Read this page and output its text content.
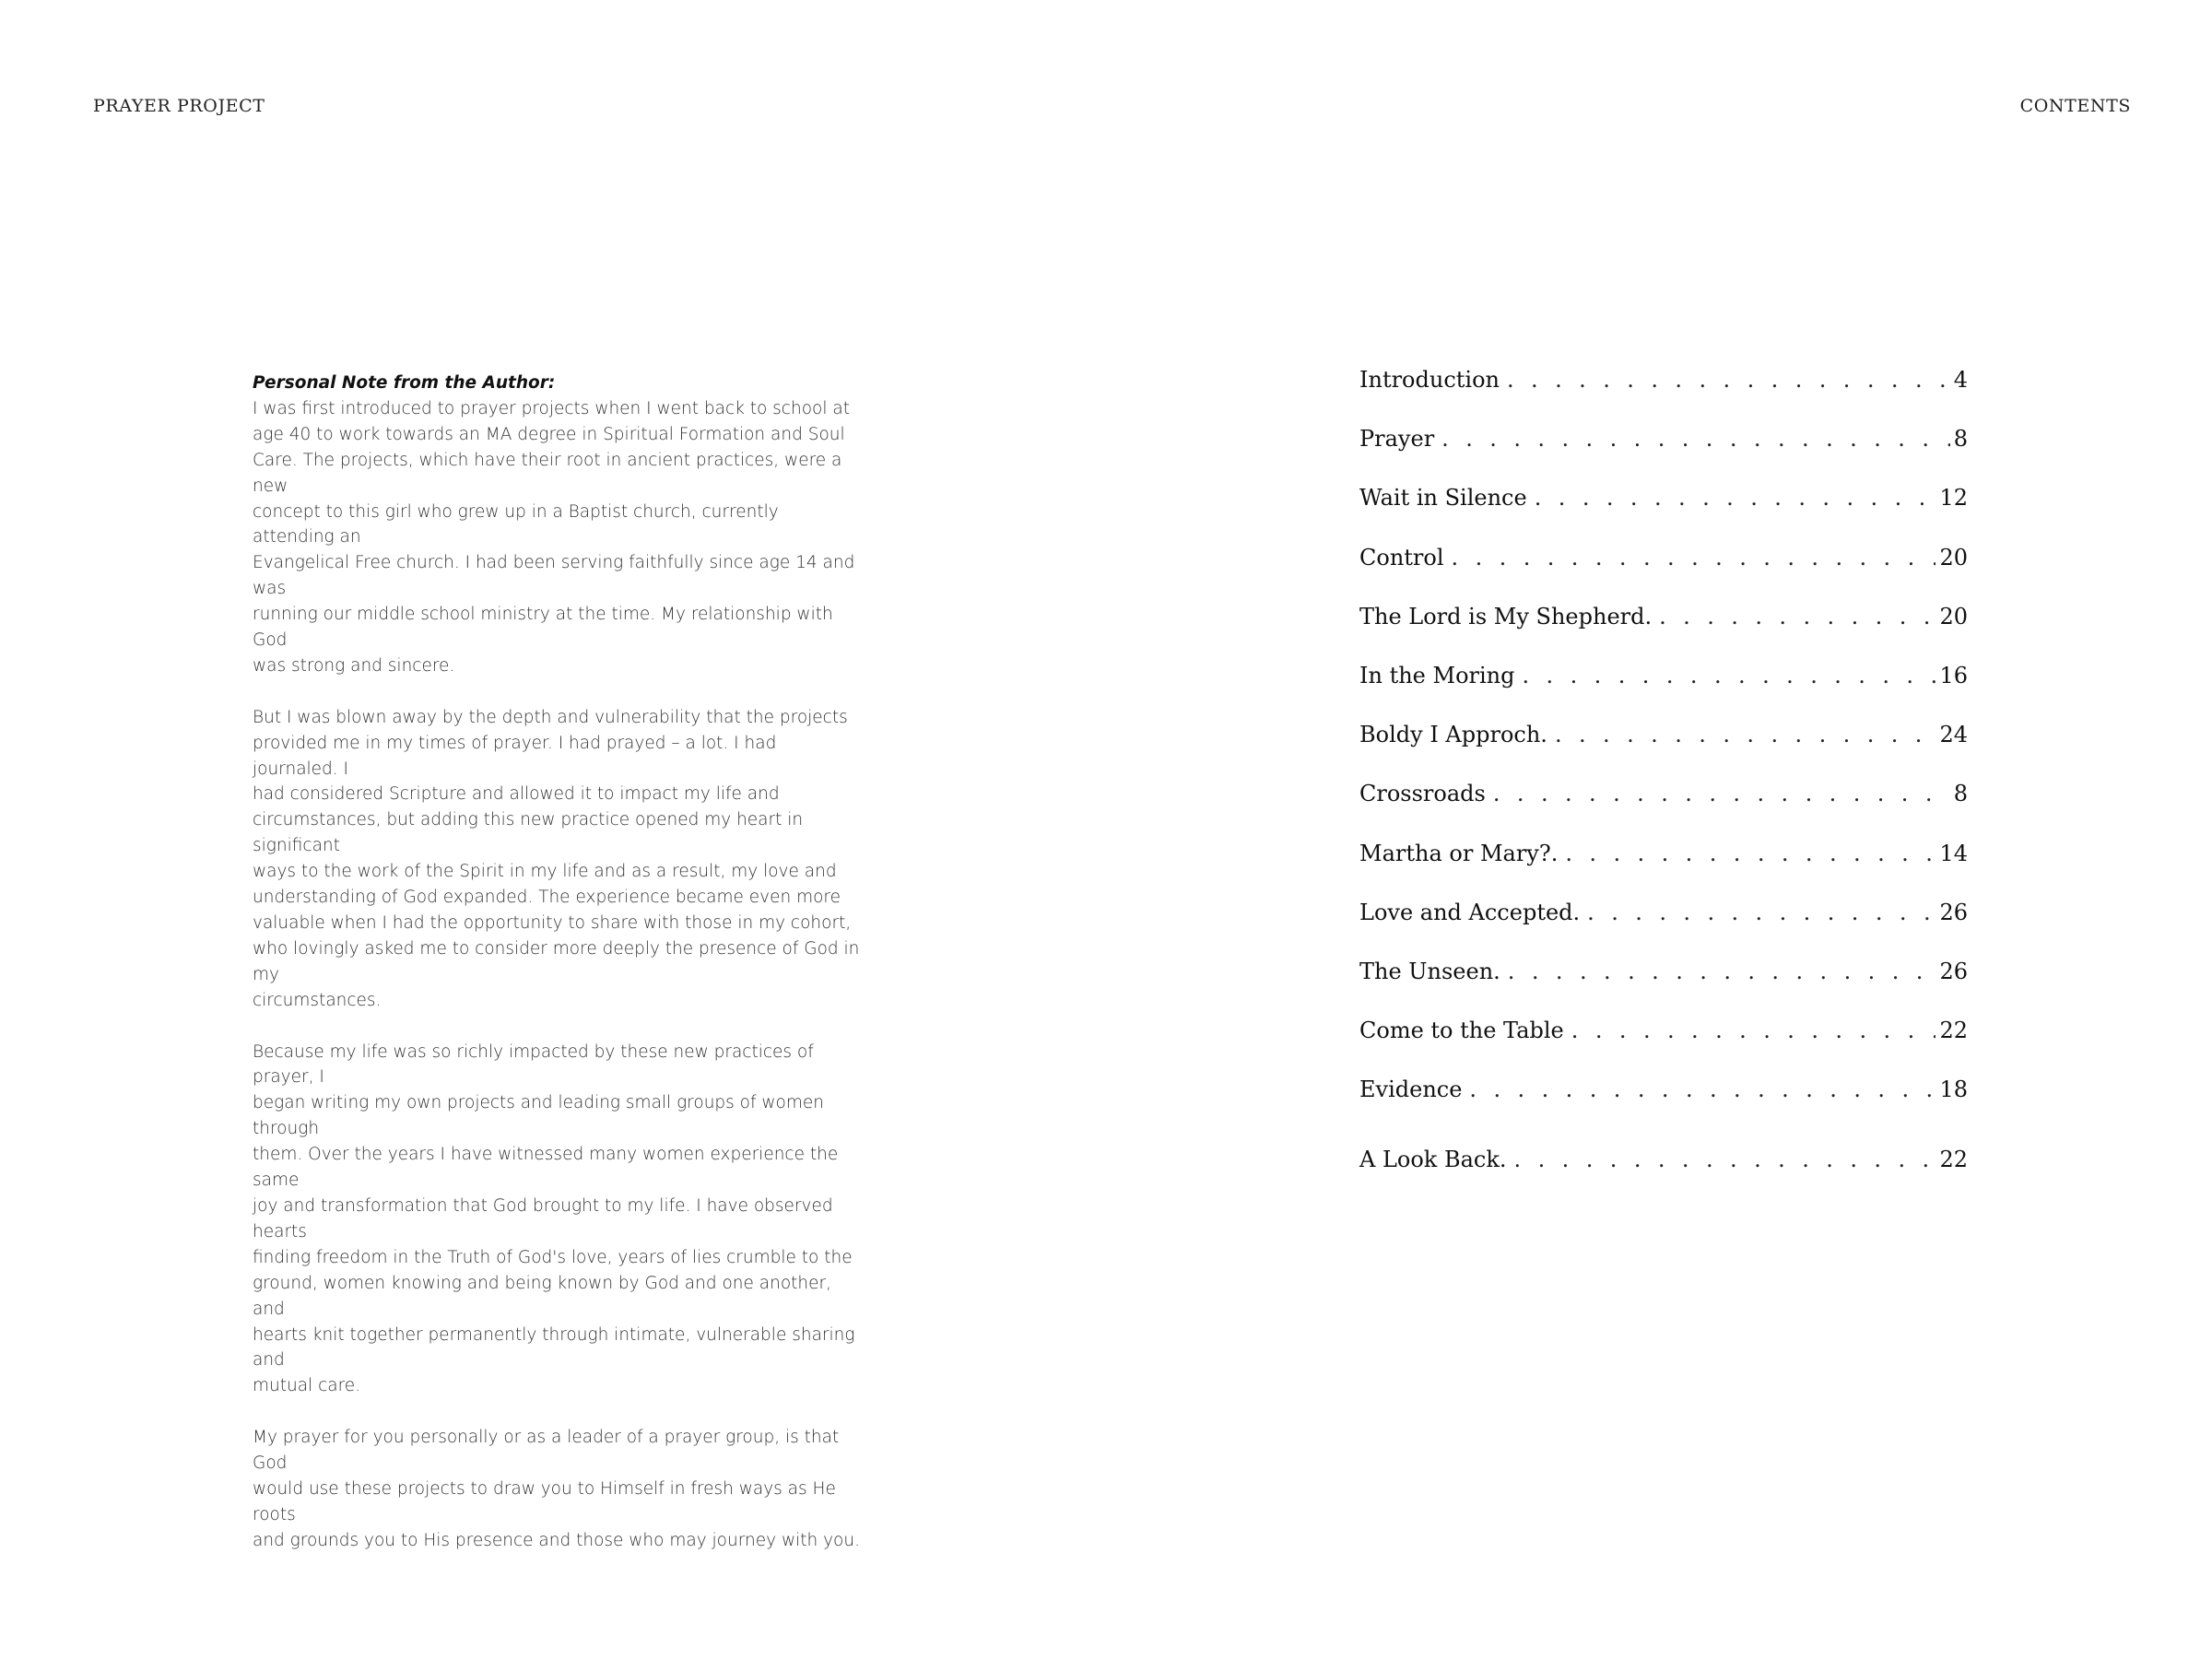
PRAYER PROJECT	CONTENTS
Personal Note from the Author:

I was first introduced to prayer projects when I went back to school at
age 40 to work towards an MA degree in Spiritual Formation and Soul
Care. The projects, which have their root in ancient practices, were a new
concept to this girl who grew up in a Baptist church, currently attending an
Evangelical Free church. I had been serving faithfully since age 14 and was
running our middle school ministry at the time. My relationship with God
was strong and sincere.

But I was blown away by the depth and vulnerability that the projects
provided me in my times of prayer. I had prayed – a lot. I had journaled. I
had considered Scripture and allowed it to impact my life and
circumstances, but adding this new practice opened my heart in significant
ways to the work of the Spirit in my life and as a result, my love and
understanding of God expanded. The experience became even more
valuable when I had the opportunity to share with those in my cohort,
who lovingly asked me to consider more deeply the presence of God in my
circumstances.

Because my life was so richly impacted by these new practices of prayer, I
began writing my own projects and leading small groups of women through
them. Over the years I have witnessed many women experience the same
joy and transformation that God brought to my life. I have observed hearts
finding freedom in the Truth of God's love, years of lies crumble to the
ground, women knowing and being known by God and one another, and
hearts knit together permanently through intimate, vulnerable sharing and
mutual care.

My prayer for you personally or as a leader of a prayer group, is that God
would use these projects to draw you to Himself in fresh ways as He roots
and grounds you to His presence and those who may journey with you.

Introduction . . .	4
Prayer . . .	8
Wait in Silence . . .	12
Control . . .	20
The Lord is My Shepherd. . . .	20
In the Moring . . .	16
Boldy I Approch. . . .	24
Crossroads . . .	8
Martha or Mary?. . . .	14
Love and Accepted. . . .	26
The Unseen. . . .	26
Come to the Table . . .	22
Evidence . . .	18
A Look Back. . . .	22
